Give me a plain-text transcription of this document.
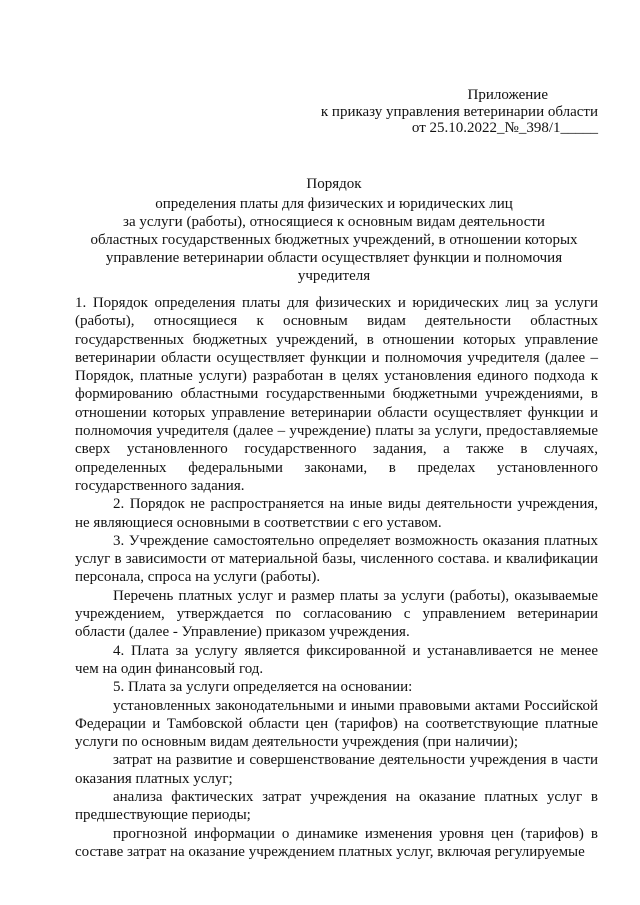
Приложение
к приказу управления ветеринарии области
от 25.10.2022_№_398/1_____
Порядок
определения платы для физических и юридических лиц
за услуги (работы), относящиеся к основным видам деятельности
областных государственных бюджетных учреждений, в отношении которых
управление ветеринарии области осуществляет функции и полномочия
учредителя

1. Порядок определения платы для физических и юридических лиц за услуги (работы), относящиеся к основным видам деятельности областных государственных бюджетных учреждений, в отношении которых управление ветеринарии области осуществляет функции и полномочия учредителя (далее – Порядок, платные услуги) разработан в целях установления единого подхода к формированию областными государственными бюджетными учреждениями, в отношении которых управление ветеринарии области осуществляет функции и полномочия учредителя (далее – учреждение) платы за услуги, предоставляемые сверх установленного государственного задания, а также в случаях, определенных федеральными законами, в пределах установленного государственного задания.

2. Порядок не распространяется на иные виды деятельности учреждения, не являющиеся основными в соответствии с его уставом.

3. Учреждение самостоятельно определяет возможность оказания платных услуг в зависимости от материальной базы, численного состава. и квалификации персонала, спроса на услуги (работы).

Перечень платных услуг и размер платы за услуги (работы), оказываемые учреждением, утверждается по согласованию с управлением ветеринарии области (далее - Управление) приказом учреждения.

4. Плата за услугу является фиксированной и устанавливается не менее чем на один финансовый год.

5. Плата за услуги определяется на основании:

установленных законодательными и иными правовыми актами Российской Федерации и Тамбовской области цен (тарифов) на соответствующие платные услуги по основным видам деятельности учреждения (при наличии);

затрат на развитие и совершенствование деятельности учреждения в части оказания платных услуг;

анализа фактических затрат учреждения на оказание платных услуг в предшествующие периоды;

прогнозной информации о динамике изменения уровня цен (тарифов) в составе затрат на оказание учреждением платных услуг, включая регулируемые
